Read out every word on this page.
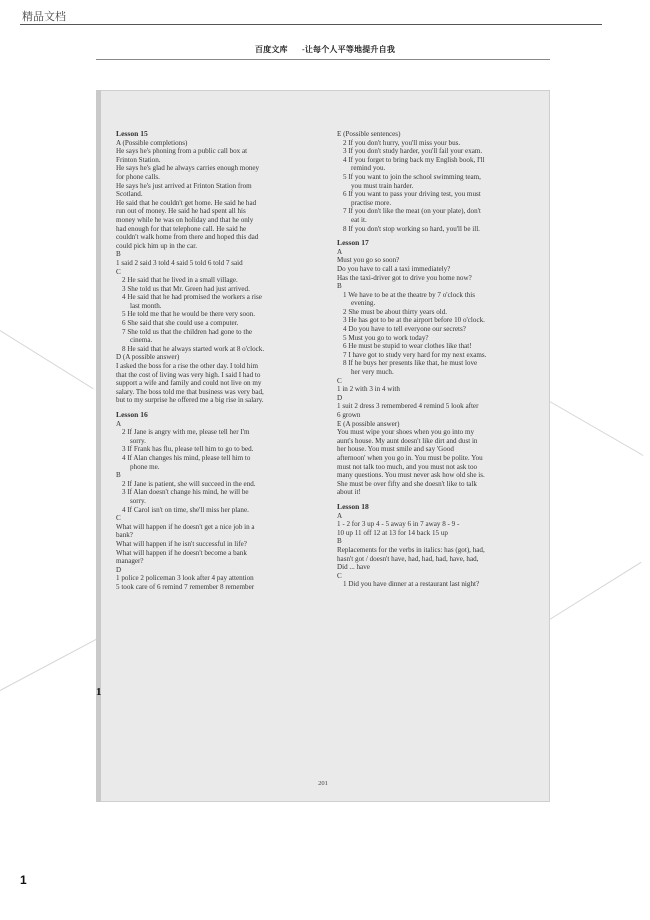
精品文档
百度文库 -让每个人平等地提升自我
Lesson 15
A (Possible completions)
He says he's phoning from a public call box at
Frinton Station.
He says he's glad he always carries enough money
for phone calls.
He says he's just arrived at Frinton Station from
Scotland.
He said that he couldn't get home. He said he had
run out of money. He said he had spent all his
money while he was on holiday and that he only
had enough for that telephone call. He said he
couldn't walk home from there and hoped this dad
could pick him up in the car.
B
1 said 2 said 3 told 4 said 5 told 6 told 7 said
C
2 He said that he lived in a small village.
3 She told us that Mr. Green had just arrived.
4 He said that he had promised the workers a rise
last month.
5 He told me that he would be there very soon.
6 She said that she could use a computer.
7 She told us that the children had gone to the
cinema.
8 He said that he always started work at 8 o'clock.
D (A possible answer)
I asked the boss for a rise the other day. I told him
that the cost of living was very high. I said I had to
support a wife and family and could not live on my
salary. The boss told me that business was very bad,
but to my surprise he offered me a big rise in salary.
Lesson 16
A
2 If Jane is angry with me, please tell her I'm
sorry.
3 If Frank has flu, please tell him to go to bed.
4 If Alan changes his mind, please tell him to
phone me.
B
2 If Jane is patient, she will succeed in the end.
3 If Alan doesn't change his mind, he will be
sorry.
4 If Carol isn't on time, she'll miss her plane.
C
What will happen if he doesn't get a nice job in a
bank?
What will happen if he isn't successful in life?
What will happen if he doesn't become a bank
manager?
D
1 police 2 policeman 3 look after 4 pay attention
5 took care of 6 remind 7 remember 8 remember
E (Possible sentences)
2 If you don't hurry, you'll miss your bus.
3 If you don't study harder, you'll fail your exam.
4 If you forget to bring back my English book, I'll
remind you.
5 If you want to join the school swimming team,
you must train harder.
6 If you want to pass your driving test, you must
practise more.
7 If you don't like the meat (on your plate), don't
eat it.
8 If you don't stop working so hard, you'll be ill.
Lesson 17
A
Must you go so soon?
Do you have to call a taxi immediately?
Has the taxi-driver got to drive you home now?
B
1 We have to be at the theatre by 7 o'clock this
evening.
2 She must be about thirty years old.
3 He has got to be at the airport before 10 o'clock.
4 Do you have to tell everyone our secrets?
5 Must you go to work today?
6 He must be stupid to wear clothes like that!
7 I have got to study very hard for my next exams.
8 If he buys her presents like that, he must love
her very much.
C
1 in 2 with 3 in 4 with
D
1 suit 2 dress 3 remembered 4 remind 5 look after
6 grown
E (A possible answer)
You must wipe your shoes when you go into my
aunt's house. My aunt doesn't like dirt and dust in
her house. You must smile and say 'Good
afternoon' when you go in. You must be polite. You
must not talk too much, and you must not ask too
many questions. You must never ask how old she is.
She must be over fifty and she doesn't like to talk
about it!
Lesson 18
A
1 - 2 for 3 up 4 - 5 away 6 in 7 away 8 - 9 -
10 up 11 off 12 at 13 for 14 back 15 up
B
Replacements for the verbs in italics: has (got), had,
hasn't got / doesn't have, had, had, had, have, had,
Did ... have
C
1 Did you have dinner at a restaurant last night?
201
1
1
